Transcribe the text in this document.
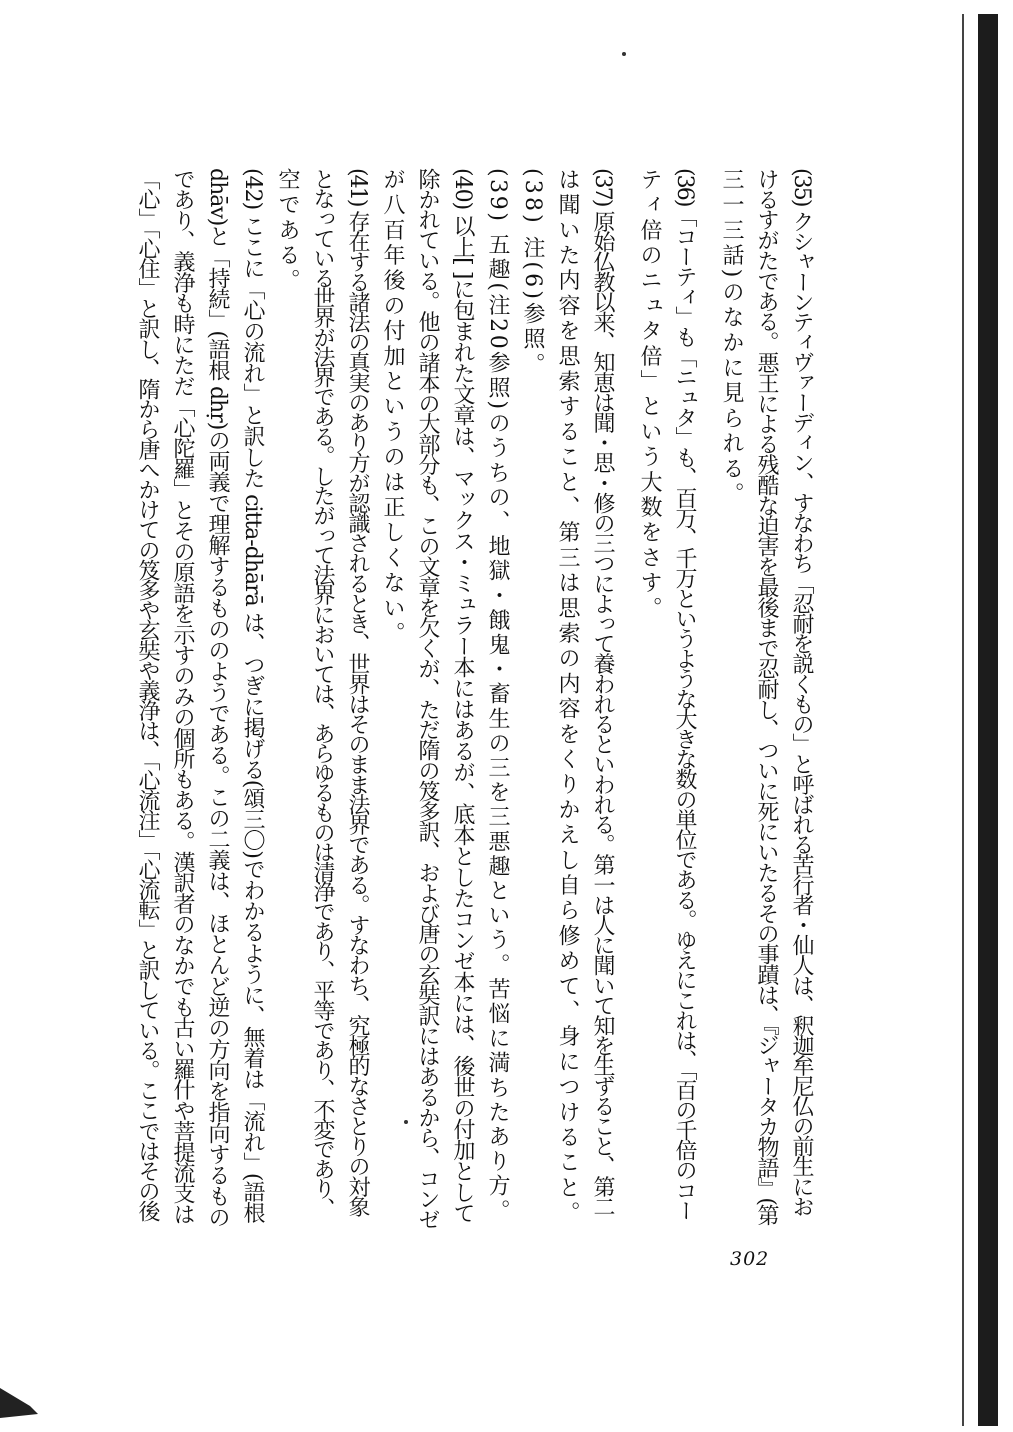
(35) クシャーンティヴァーディン、すなわち「忍耐を説くもの」と呼ばれる苦行者・仙人は、釈迦牟尼仏の前生にお
けるすがたである。悪王による残酷な迫害を最後まで忍耐し、ついに死にいたるその事蹟は、『ジャータカ物語』(第
三一三話)のなかに見られる。
(36)「コーティ」も「ニュタ」も、百万、千万というような大きな数の単位である。ゆえにこれは、「百の千倍のコー
ティ倍のニュタ倍」という大数をさす。
(37) 原始仏教以来、知恵は聞・思・修の三つによって養われるといわれる。第一は人に聞いて知を生ずること、第二
は聞いた内容を思索すること、第三は思索の内容をくりかえし自ら修めて、身につけること。
(38) 注(6)参照。
(39) 五趣(注20参照)のうちの、地獄・餓鬼・畜生の三を三悪趣という。苦悩に満ちたあり方。
(40) 以上[ ]に包まれた文章は、マックス・ミュラー本にはあるが、底本としたコンゼ本には、後世の付加として
除かれている。他の諸本の大部分も、この文章を欠くが、ただ隋の笈多訳、および唐の玄奘訳にはあるから、コンゼ
が八百年後の付加というのは正しくない。
(41) 存在する諸法の真実のあり方が認識されるとき、世界はそのまま法界である。すなわち、究極的なさとりの対象
となっている世界が法界である。したがって法界においては、あらゆるものは清浄であり、平等であり、不変であり、
空である。
(42) ここに「心の流れ」と訳した citta-dhārā は、つぎに掲げる(頌三〇)でわかるように、無着は「流れ」(語根
dhāv)と「持続」(語根 dhṛ)の両義で理解するもののようである。この二義は、ほとんど逆の方向を指向するもの
であり、義浄も時にただ「心陀羅」とその原語を示すのみの個所もある。漢訳者のなかでも古い羅什や菩提流支は
「心」「心住」と訳し、隋から唐へかけての笈多や玄奘や義浄は、「心流注」「心流転」と訳している。ここではその後
302
